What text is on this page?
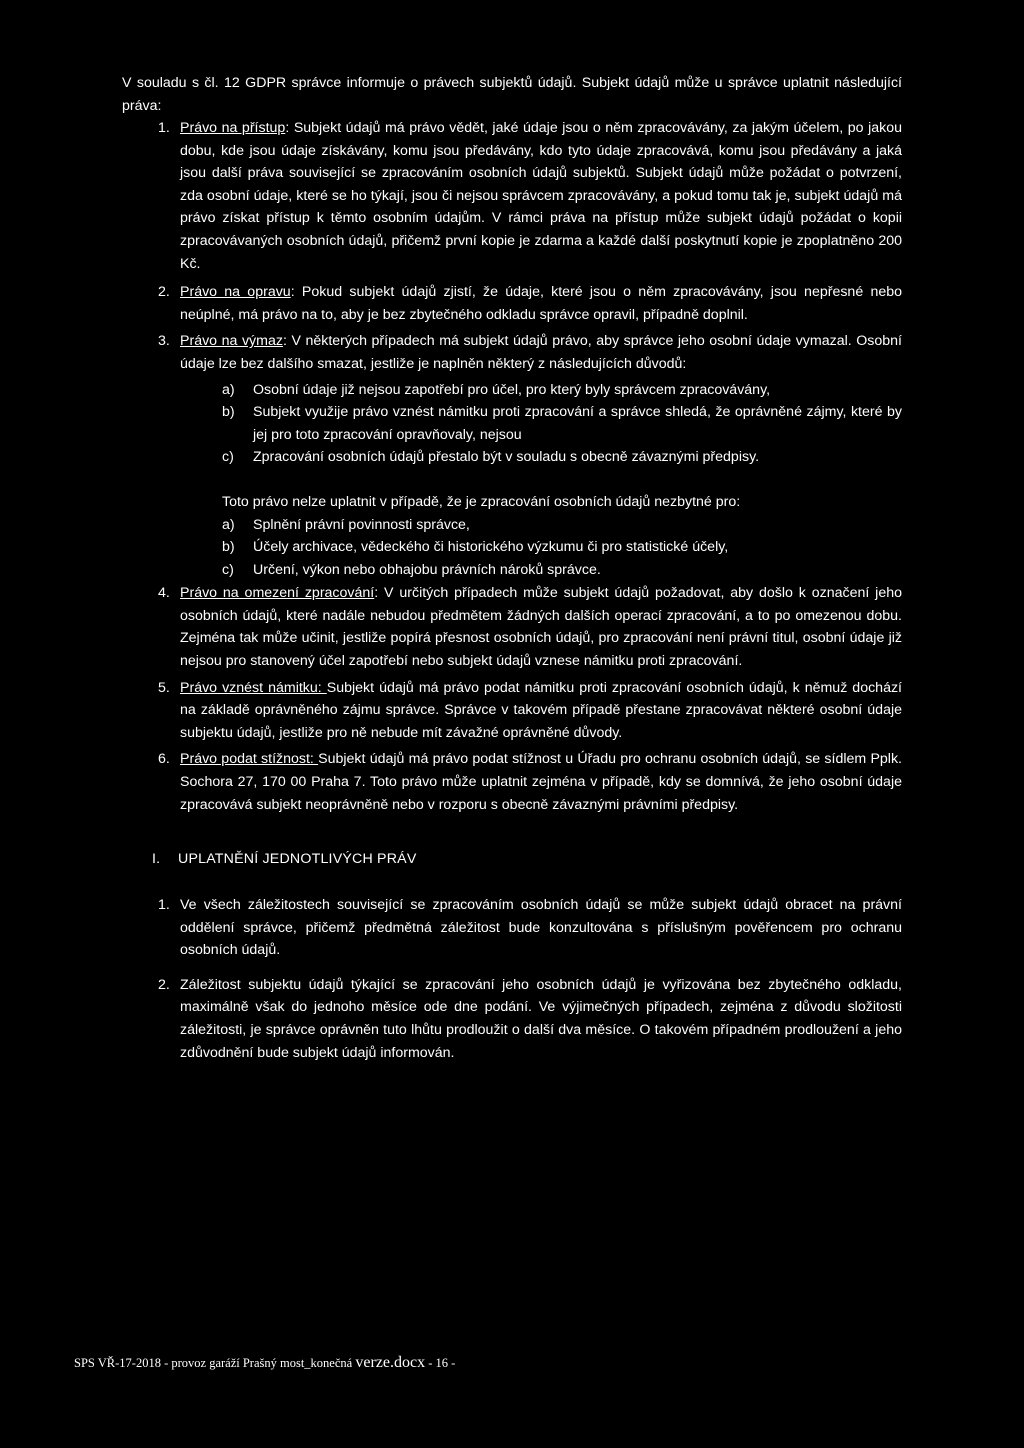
V souladu s čl. 12 GDPR správce informuje o právech subjektů údajů. Subjekt údajů může u správce uplatnit následující práva:
1. Právo na přístup: Subjekt údajů má právo vědět, jaké údaje jsou o něm zpracovávány, za jakým účelem, po jakou dobu, kde jsou údaje získávány, komu jsou předávány, kdo tyto údaje zpracovává, komu jsou předávány a jaká jsou další práva související se zpracováním osobních údajů subjektů. Subjekt údajů může požádat o potvrzení, zda osobní údaje, které se ho týkají, jsou či nejsou správcem zpracovávány, a pokud tomu tak je, subjekt údajů má právo získat přístup k těmto osobním údajům. V rámci práva na přístup může subjekt údajů požádat o kopii zpracovávaných osobních údajů, přičemž první kopie je zdarma a každé další poskytnutí kopie je zpoplatněno 200 Kč.
2. Právo na opravu: Pokud subjekt údajů zjistí, že údaje, které jsou o něm zpracovávány, jsou nepřesné nebo neúplné, má právo na to, aby je bez zbytečného odkladu správce opravil, případně doplnil.
3. Právo na výmaz: V některých případech má subjekt údajů právo, aby správce jeho osobní údaje vymazal. Osobní údaje lze bez dalšího smazat, jestliže je naplněn některý z následujících důvodů:
a) Osobní údaje již nejsou zapotřebí pro účel, pro který byly správcem zpracovávány,
b) Subjekt využije právo vznést námitku proti zpracování a správce shledá, že oprávněné zájmy, které by jej pro toto zpracování opravňovaly, nejsou
c) Zpracování osobních údajů přestalo být v souladu s obecně závaznými předpisy.
Toto právo nelze uplatnit v případě, že je zpracování osobních údajů nezbytné pro:
a) Splnění právní povinnosti správce,
b) Účely archivace, vědeckého či historického výzkumu či pro statistické účely,
c) Určení, výkon nebo obhajobu právních nároků správce.
4. Právo na omezení zpracování: V určitých případech může subjekt údajů požadovat, aby došlo k označení jeho osobních údajů, které nadále nebudou předmětem žádných dalších operací zpracování, a to po omezenou dobu. Zejména tak může učinit, jestliže popírá přesnost osobních údajů, pro zpracování není právní titul, osobní údaje již nejsou pro stanovený účel zapotřebí nebo subjekt údajů vznese námitku proti zpracování.
5. Právo vznést námitku: Subjekt údajů má právo podat námitku proti zpracování osobních údajů, k němuž dochází na základě oprávněného zájmu správce. Správce v takovém případě přestane zpracovávat některé osobní údaje subjektu údajů, jestliže pro ně nebude mít závažné oprávněné důvody.
6. Právo podat stížnost: Subjekt údajů má právo podat stížnost u Úřadu pro ochranu osobních údajů, se sídlem Pplk. Sochora 27, 170 00 Praha 7. Toto právo může uplatnit zejména v případě, kdy se domnívá, že jeho osobní údaje zpracovává subjekt neoprávněně nebo v rozporu s obecně závaznými právními předpisy.
I. UPLATNĚNÍ JEDNOTLIVÝCH PRÁV
1. Ve všech záležitostech související se zpracováním osobních údajů se může subjekt údajů obracet na právní oddělení správce, přičemž předmětná záležitost bude konzultována s příslušným pověřencem pro ochranu osobních údajů.
2. Záležitost subjektu údajů týkající se zpracování jeho osobních údajů je vyřizována bez zbytečného odkladu, maximálně však do jednoho měsíce ode dne podání. Ve výjimečných případech, zejména z důvodu složitosti záležitosti, je správce oprávněn tuto lhůtu prodloužit o další dva měsíce. O takovém případném prodloužení a jeho zdůvodnění bude subjekt údajů informován.
SPS VŘ-17-2018 - provoz garáží Prašný most_konečná verze.docx - 16 -
